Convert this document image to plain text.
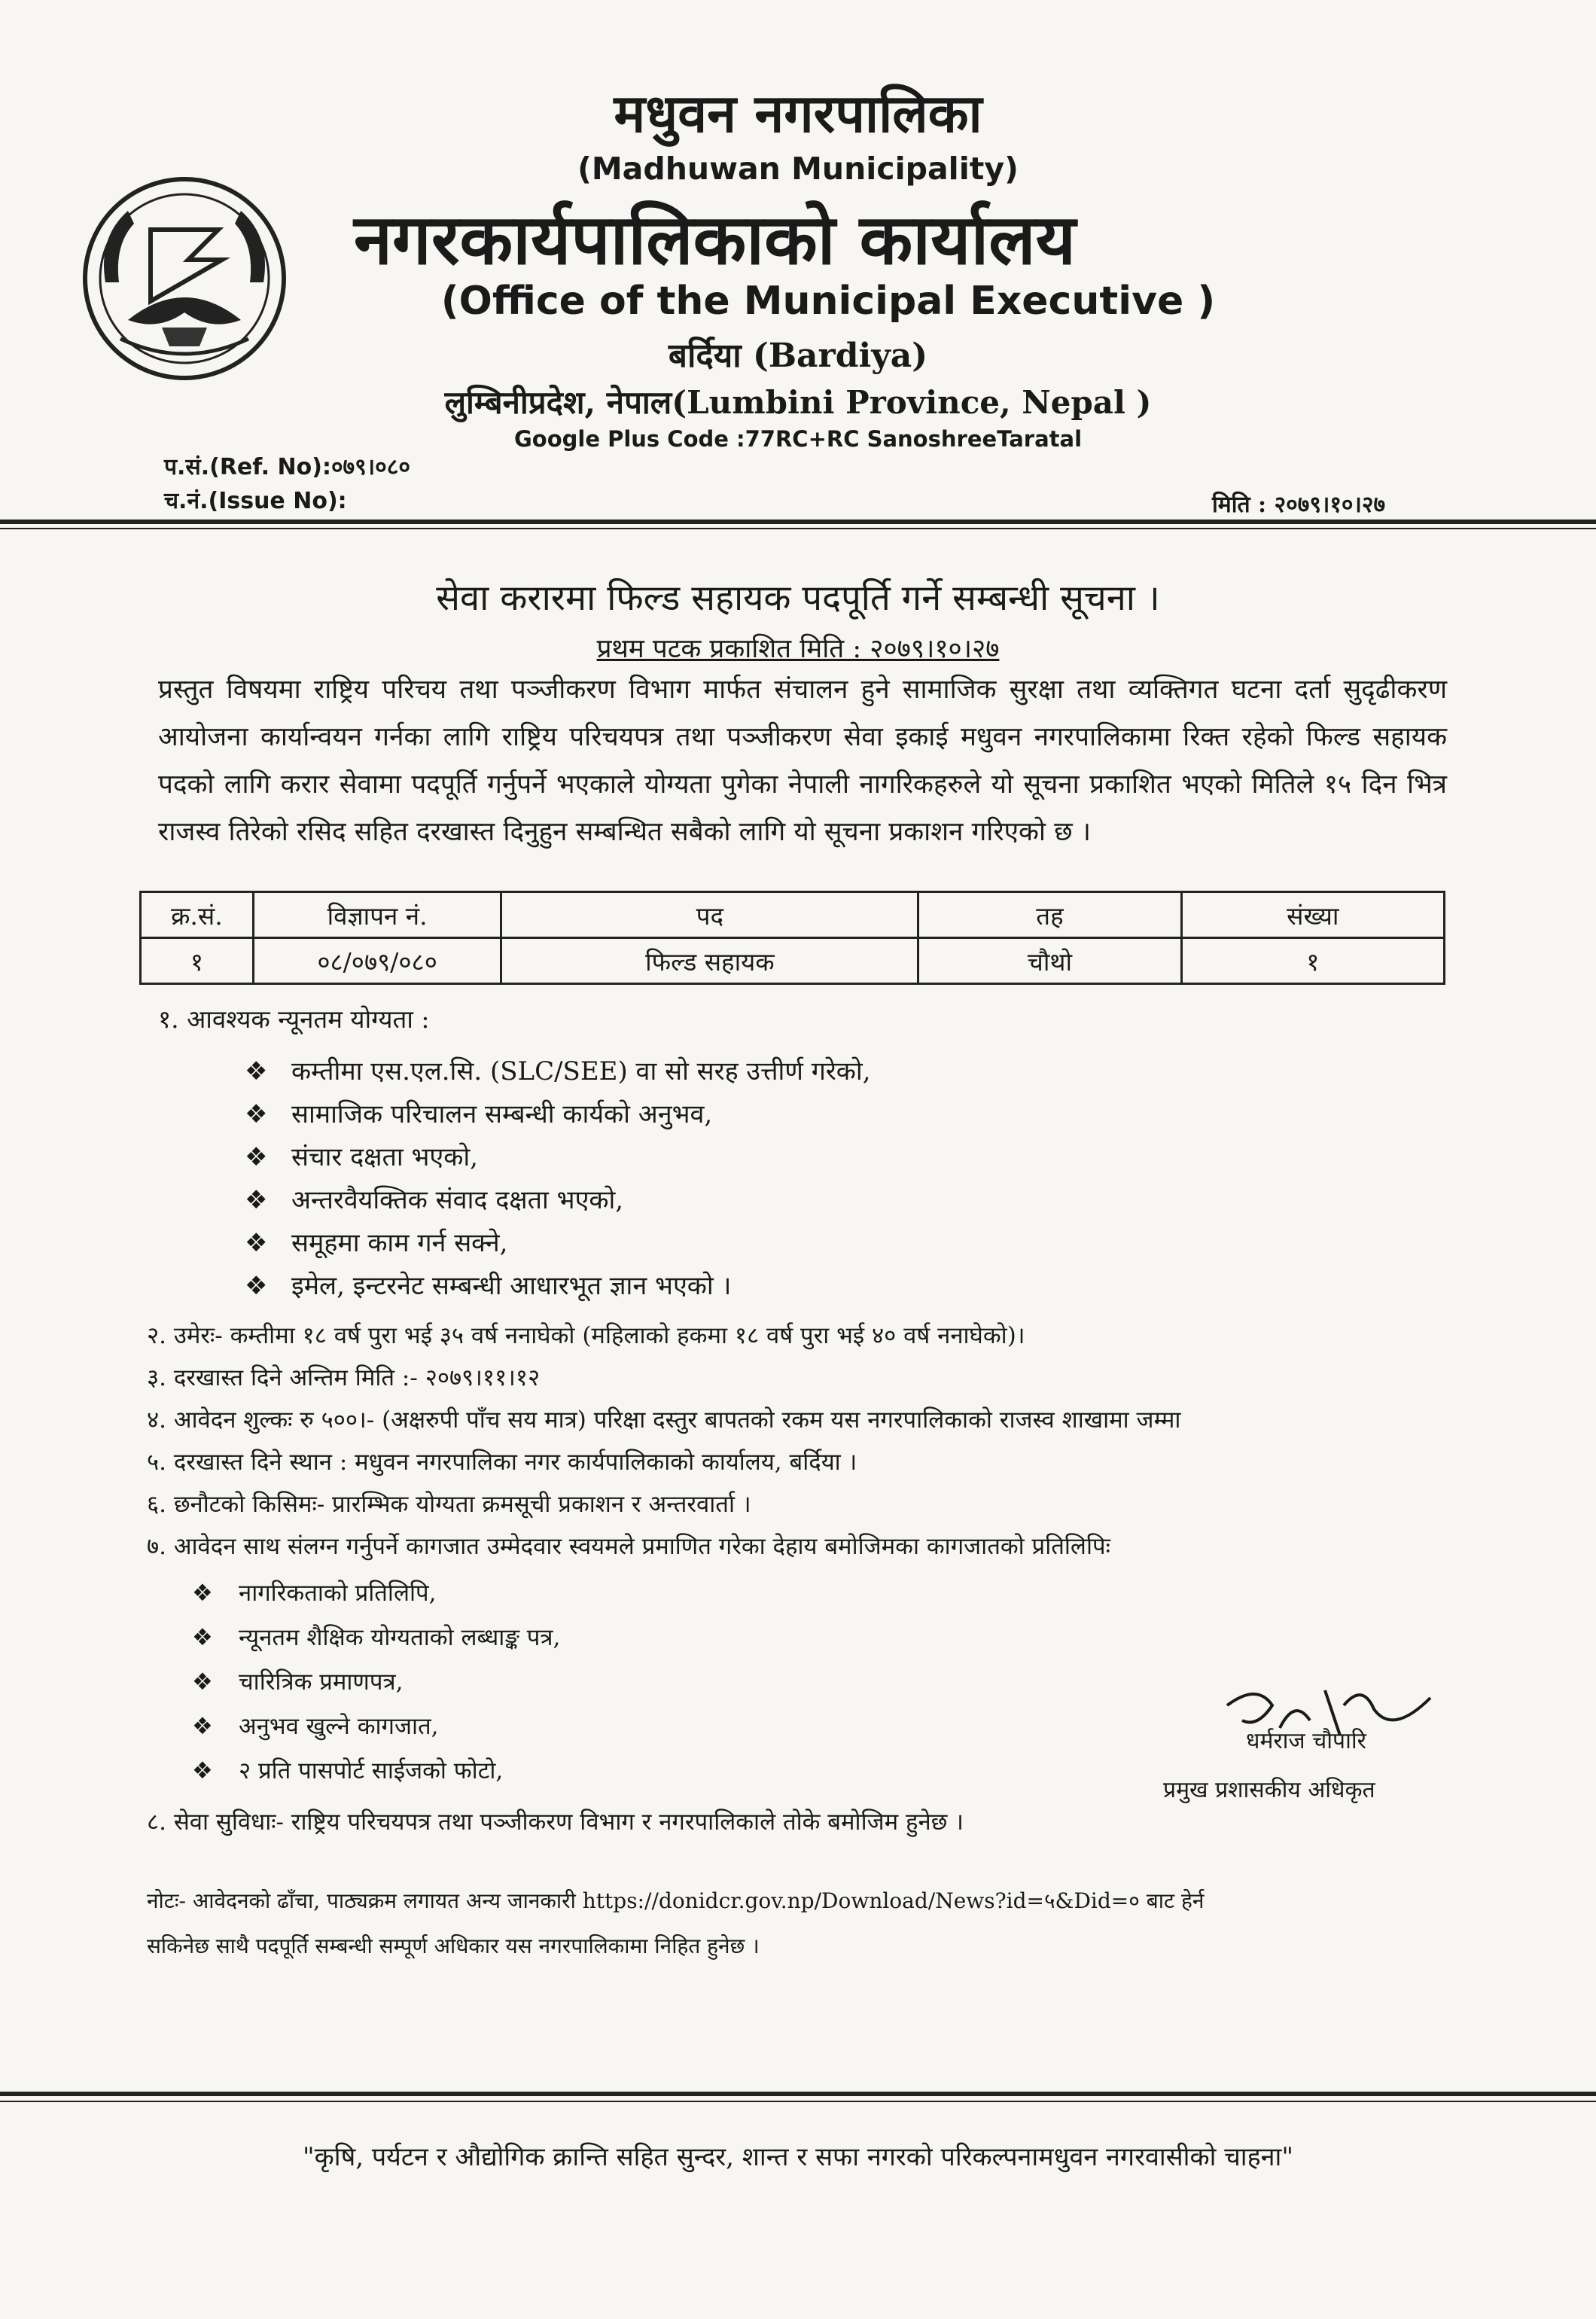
मधुवन नगरपालिका
(Madhuwan Municipality)
नगरकार्यपालिकाको कार्यालय
(Office of the Municipal Executive )
बर्दिया (Bardiya)
लुम्बिनीप्रदेश, नेपाल(Lumbini Province, Nepal )
Google Plus Code :77RC+RC SanoshreeTaratal
प.सं.(Ref. No):०७९।०८०
च.नं.(Issue No):	मिति : २०७९।१०।२७
सेवा करारमा फिल्ड सहायक पदपूर्ति गर्ने सम्बन्धी सूचना ।
प्रथम पटक प्रकाशित मिति : २०७९।१०।२७
प्रस्तुत विषयमा राष्ट्रिय परिचय तथा पञ्जीकरण विभाग मार्फत संचालन हुने सामाजिक सुरक्षा तथा व्यक्तिगत घटना दर्ता सुदृढीकरण आयोजना कार्यान्वयन गर्नका लागि राष्ट्रिय परिचयपत्र तथा पञ्जीकरण सेवा इकाई मधुवन नगरपालिकामा रिक्त रहेको फिल्ड सहायक पदको लागि करार सेवामा पदपूर्ति गर्नुपर्ने भएकाले योग्यता पुगेका नेपाली नागरिकहरुले यो सूचना प्रकाशित भएको मितिले १५ दिन भित्र राजस्व तिरेको रसिद सहित दरखास्त दिनुहुन सम्बन्धित सबैको लागि यो सूचना प्रकाशन गरिएको छ ।
क्र.सं.	विज्ञापन नं.	पद	तह	संख्या
१	०८/०७९/०८०	फिल्ड सहायक	चौथो	१
१. आवश्यक न्यूनतम योग्यता :
❖ कम्तीमा एस.एल.सि. (SLC/SEE) वा सो सरह उत्तीर्ण गरेको,
❖ सामाजिक परिचालन सम्बन्धी कार्यको अनुभव,
❖ संचार दक्षता भएको,
❖ अन्तरवैयक्तिक संवाद दक्षता भएको,
❖ समूहमा काम गर्न सक्ने,
❖ इमेल, इन्टरनेट सम्बन्धी आधारभूत ज्ञान भएको ।
२. उमेरः- कम्तीमा १८ वर्ष पुरा भई ३५ वर्ष ननाघेको (महिलाको हकमा १८ वर्ष पुरा भई ४० वर्ष ननाघेको)।
३. दरखास्त दिने अन्तिम मिति :- २०७९।११।१२
४. आवेदन शुल्कः रु ५००।- (अक्षरुपी पाँच सय मात्र) परिक्षा दस्तुर बापतको रकम यस नगरपालिकाको राजस्व शाखामा जम्मा
५. दरखास्त दिने स्थान : मधुवन नगरपालिका नगर कार्यपालिकाको कार्यालय, बर्दिया ।
६. छनौटको किसिमः- प्रारम्भिक योग्यता क्रमसूची प्रकाशन र अन्तरवार्ता ।
७. आवेदन साथ संलग्न गर्नुपर्ने कागजात उम्मेदवार स्वयमले प्रमाणित गरेका देहाय बमोजिमका कागजातको प्रतिलिपिः
❖ नागरिकताको प्रतिलिपि,
❖ न्यूनतम शैक्षिक योग्यताको लब्धाङ्क पत्र,
❖ चारित्रिक प्रमाणपत्र,
❖ अनुभव खुल्ने कागजात,
❖ २ प्रति पासपोर्ट साईजको फोटो,
८. सेवा सुविधाः- राष्ट्रिय परिचयपत्र तथा पञ्जीकरण विभाग र नगरपालिकाले तोके बमोजिम हुनेछ ।
धर्मराज चौपारि
प्रमुख प्रशासकीय अधिकृत
नोटः- आवेदनको ढाँचा, पाठ्यक्रम लगायत अन्य जानकारी https://donidcr.gov.np/Download/News?id=५&Did=० बाट हेर्न
सकिनेछ साथै पदपूर्ति सम्बन्धी सम्पूर्ण अधिकार यस नगरपालिकामा निहित हुनेछ ।
"कृषि, पर्यटन र औद्योगिक क्रान्ति सहित सुन्दर, शान्त र सफा नगरको परिकल्पनामधुवन नगरवासीको चाहना"
